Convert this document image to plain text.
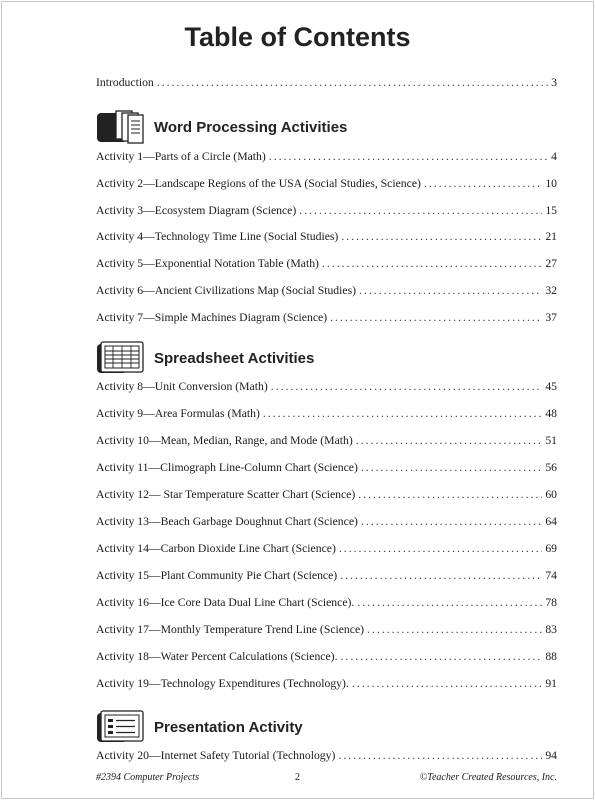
Table of Contents
Introduction .....	3
Word Processing Activities
Activity 1—Parts of a Circle (Math) .....	4
Activity 2—Landscape Regions of the USA (Social Studies, Science) .....	10
Activity 3—Ecosystem Diagram (Science) .....	15
Activity 4—Technology Time Line (Social Studies) .....	21
Activity 5—Exponential Notation Table (Math) .....	27
Activity 6—Ancient Civilizations Map (Social Studies) .....	32
Activity 7—Simple Machines Diagram (Science) .....	37
Spreadsheet Activities
Activity 8—Unit Conversion (Math) .....	45
Activity 9—Area Formulas (Math) .....	48
Activity 10—Mean, Median, Range, and Mode (Math) .....	51
Activity 11—Climograph Line-Column Chart (Science) .....	56
Activity 12— Star Temperature Scatter Chart (Science) .....	60
Activity 13—Beach Garbage Doughnut Chart (Science) .....	64
Activity 14—Carbon Dioxide Line Chart (Science) .....	69
Activity 15—Plant Community Pie Chart (Science) .....	74
Activity 16—Ice Core Data Dual Line Chart (Science). .....	78
Activity 17—Monthly Temperature Trend Line (Science) .....	83
Activity 18—Water Percent Calculations (Science). .....	88
Activity 19—Technology Expenditures (Technology). .....	91
Presentation Activity
Activity 20—Internet Safety Tutorial (Technology) .....	94
#2394 Computer Projects	2	©Teacher Created Resources, Inc.
